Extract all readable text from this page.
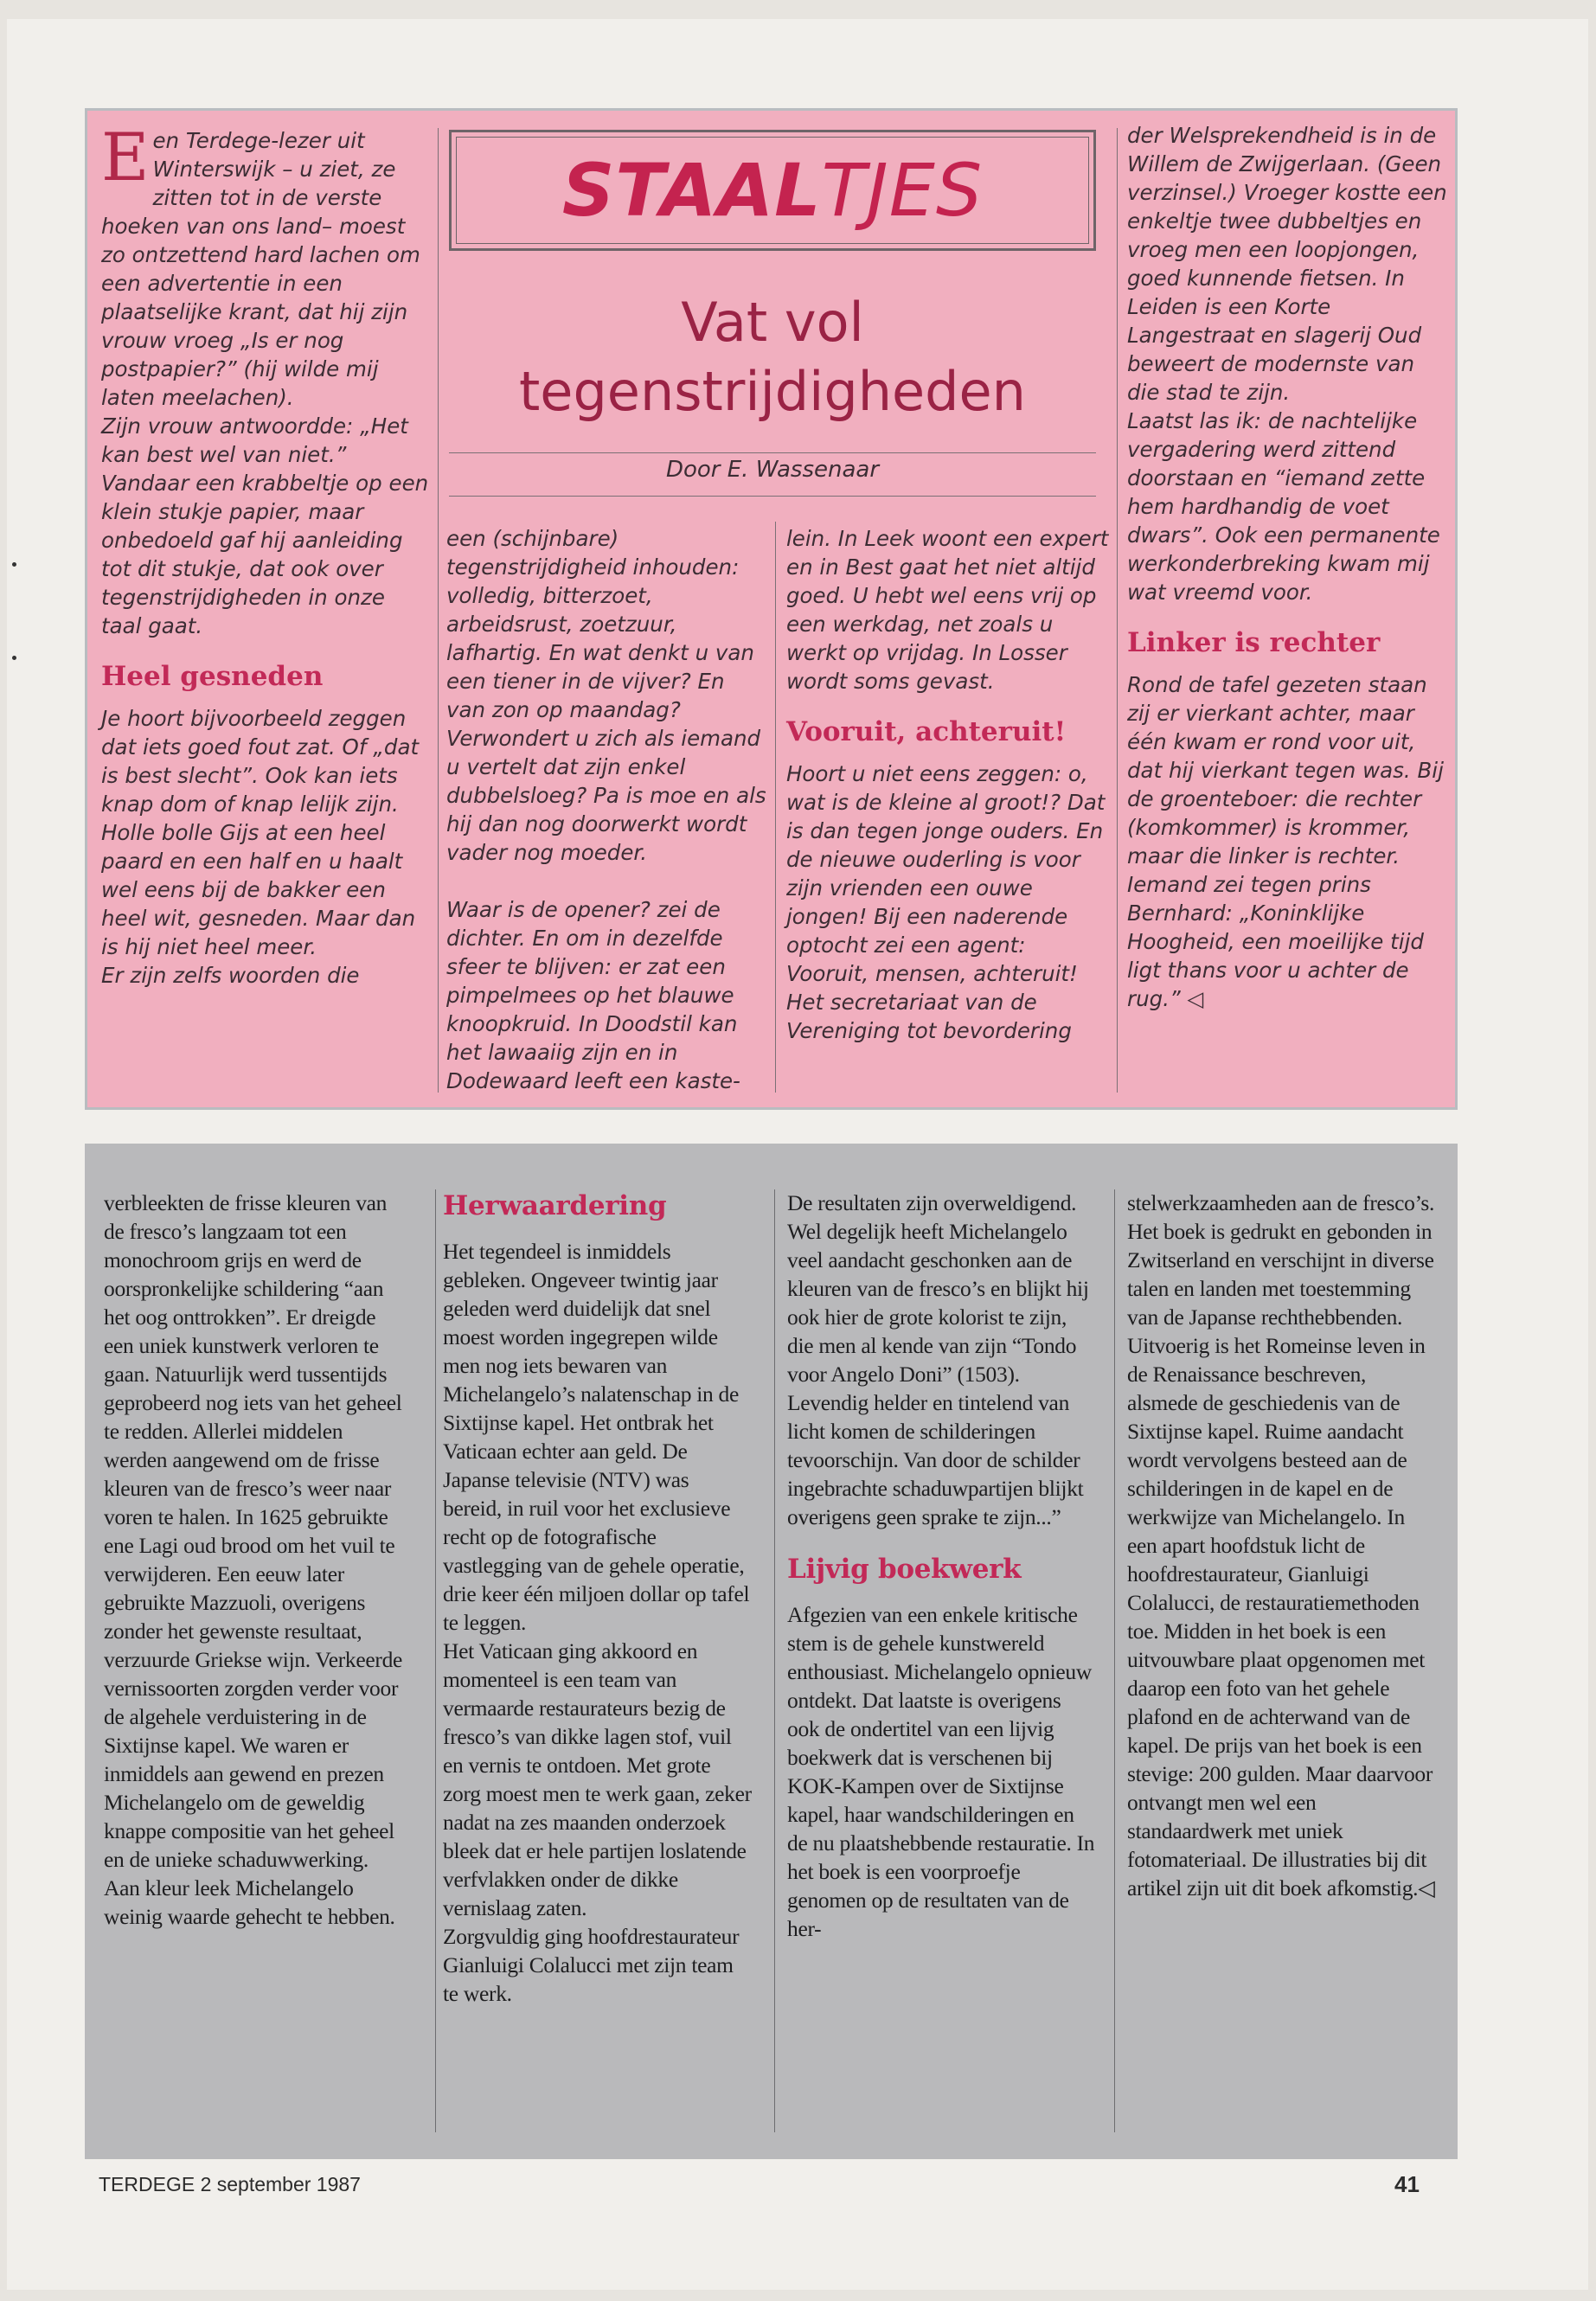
STAAL TJES
Vat vol
tegenstrijdigheden
Door E. Wassenaar

Een Terdege-lezer uit Winterswijk – u ziet, ze zitten tot in de verste hoeken van ons land– moest zo ontzettend hard lachen om een advertentie in een plaatselijke krant, dat hij zijn vrouw vroeg „Is er nog postpapier?” (hij wilde mij laten meelachen).

Zijn vrouw antwoordde: „Het kan best wel van niet.” Vandaar een krabbeltje op een klein stukje papier, maar onbedoeld gaf hij aanleiding tot dit stukje, dat ook over tegenstrijdigheden in onze taal gaat.

Heel gesneden

Je hoort bijvoorbeeld zeggen dat iets goed fout zat. Of „dat is best slecht”. Ook kan iets knap dom of knap lelijk zijn. Holle bolle Gijs at een heel paard en een half en u haalt wel eens bij de bakker een heel wit, gesneden. Maar dan is hij niet heel meer.

Er zijn zelfs woorden die

een (schijnbare) tegenstrijdigheid inhouden: volledig, bitterzoet, arbeidsrust, zoetzuur, lafhartig. En wat denkt u van een tiener in de vijver? En van zon op maandag? Verwondert u zich als iemand u vertelt dat zijn enkel dubbelsloeg? Pa is moe en als hij dan nog doorwerkt wordt vader nog moeder.

Waar is de opener? zei de dichter. En om in dezelfde sfeer te blijven: er zat een pimpelmees op het blauwe knoopkruid. In Doodstil kan het lawaaiig zijn en in Dodewaard leeft een kaste-

lein. In Leek woont een expert en in Best gaat het niet altijd goed. U hebt wel eens vrij op een werkdag, net zoals u werkt op vrijdag. In Losser wordt soms gevast.

Vooruit, achteruit!

Hoort u niet eens zeggen: o, wat is de kleine al groot!? Dat is dan tegen jonge ouders. En de nieuwe ouderling is voor zijn vrienden een ouwe jongen! Bij een naderende optocht zei een agent: Vooruit, mensen, achteruit!

Het secretariaat van de Vereniging tot bevordering

der Welsprekendheid is in de Willem de Zwijgerlaan. (Geen verzinsel.) Vroeger kostte een enkeltje twee dubbeltjes en vroeg men een loopjongen, goed kunnende fietsen. In Leiden is een Korte Langestraat en slagerij Oud beweert de modernste van die stad te zijn.

Laatst las ik: de nachtelijke vergadering werd zittend doorstaan en “iemand zette hem hardhandig de voet dwars”. Ook een permanente werkonderbreking kwam mij wat vreemd voor.

Linker is rechter

Rond de tafel gezeten staan zij er vierkant achter, maar één kwam er rond voor uit, dat hij vierkant tegen was. Bij de groenteboer: die rechter (komkommer) is krommer, maar die linker is rechter. Iemand zei tegen prins Bernhard: „Koninklijke Hoogheid, een moeilijke tijd ligt thans voor u achter de rug.” ◁

verbleekten de frisse kleuren van de fresco’s langzaam tot een monochroom grijs en werd de oorspronkelijke schildering “aan het oog onttrokken”. Er dreigde een uniek kunstwerk verloren te gaan. Natuurlijk werd tussentijds geprobeerd nog iets van het geheel te redden. Allerlei middelen werden aangewend om de frisse kleuren van de fresco’s weer naar voren te halen. In 1625 gebruikte ene Lagi oud brood om het vuil te verwijderen. Een eeuw later gebruikte Mazzuoli, overigens zonder het gewenste resultaat, verzuurde Griekse wijn. Verkeerde vernissoorten zorgden verder voor de algehele verduistering in de Sixtijnse kapel. We waren er inmiddels aan gewend en prezen Michelangelo om de geweldig knappe compositie van het geheel en de unieke schaduwwerking. Aan kleur leek Michelangelo weinig waarde gehecht te hebben.

Herwaardering

Het tegendeel is inmiddels gebleken. Ongeveer twintig jaar geleden werd duidelijk dat snel moest worden ingegrepen wilde men nog iets bewaren van Michelangelo’s nalatenschap in de Sixtijnse kapel. Het ontbrak het Vaticaan echter aan geld. De Japanse televisie (NTV) was bereid, in ruil voor het exclusieve recht op de fotografische vastlegging van de gehele operatie, drie keer één miljoen dollar op tafel te leggen.

Het Vaticaan ging akkoord en momenteel is een team van vermaarde restaurateurs bezig de fresco’s van dikke lagen stof, vuil en vernis te ontdoen. Met grote zorg moest men te werk gaan, zeker nadat na zes maanden onderzoek bleek dat er hele partijen loslatende verfvlakken onder de dikke vernislaag zaten.

Zorgvuldig ging hoofdrestaurateur Gianluigi Colalucci met zijn team te werk.

De resultaten zijn overweldigend. Wel degelijk heeft Michelangelo veel aandacht geschonken aan de kleuren van de fresco’s en blijkt hij ook hier de grote kolorist te zijn, die men al kende van zijn “Tondo voor Angelo Doni” (1503). Levendig helder en tintelend van licht komen de schilderingen tevoorschijn. Van door de schilder ingebrachte schaduwpartijen blijkt overigens geen sprake te zijn...”

Lijvig boekwerk

Afgezien van een enkele kritische stem is de gehele kunstwereld enthousiast. Michelangelo opnieuw ontdekt. Dat laatste is overigens ook de ondertitel van een lijvig boekwerk dat is verschenen bij KOK-Kampen over de Sixtijnse kapel, haar wandschilderingen en de nu plaatshebbende restauratie. In het boek is een voorproefje genomen op de resultaten van de her-

stelwerkzaamheden aan de fresco’s.

Het boek is gedrukt en gebonden in Zwitserland en verschijnt in diverse talen en landen met toestemming van de Japanse rechthebbenden. Uitvoerig is het Romeinse leven in de Renaissance beschreven, alsmede de geschiedenis van de Sixtijnse kapel. Ruime aandacht wordt vervolgens besteed aan de schilderingen in de kapel en de werkwijze van Michelangelo. In een apart hoofdstuk licht de hoofdrestaurateur, Gianluigi Colalucci, de restauratiemethoden toe. Midden in het boek is een uitvouwbare plaat opgenomen met daarop een foto van het gehele plafond en de achterwand van de kapel. De prijs van het boek is een stevige: 200 gulden. Maar daarvoor ontvangt men wel een standaardwerk met uniek fotomateriaal. De illustraties bij dit artikel zijn uit dit boek afkomstig.◁

TERDEGE 2 september 1987	41
